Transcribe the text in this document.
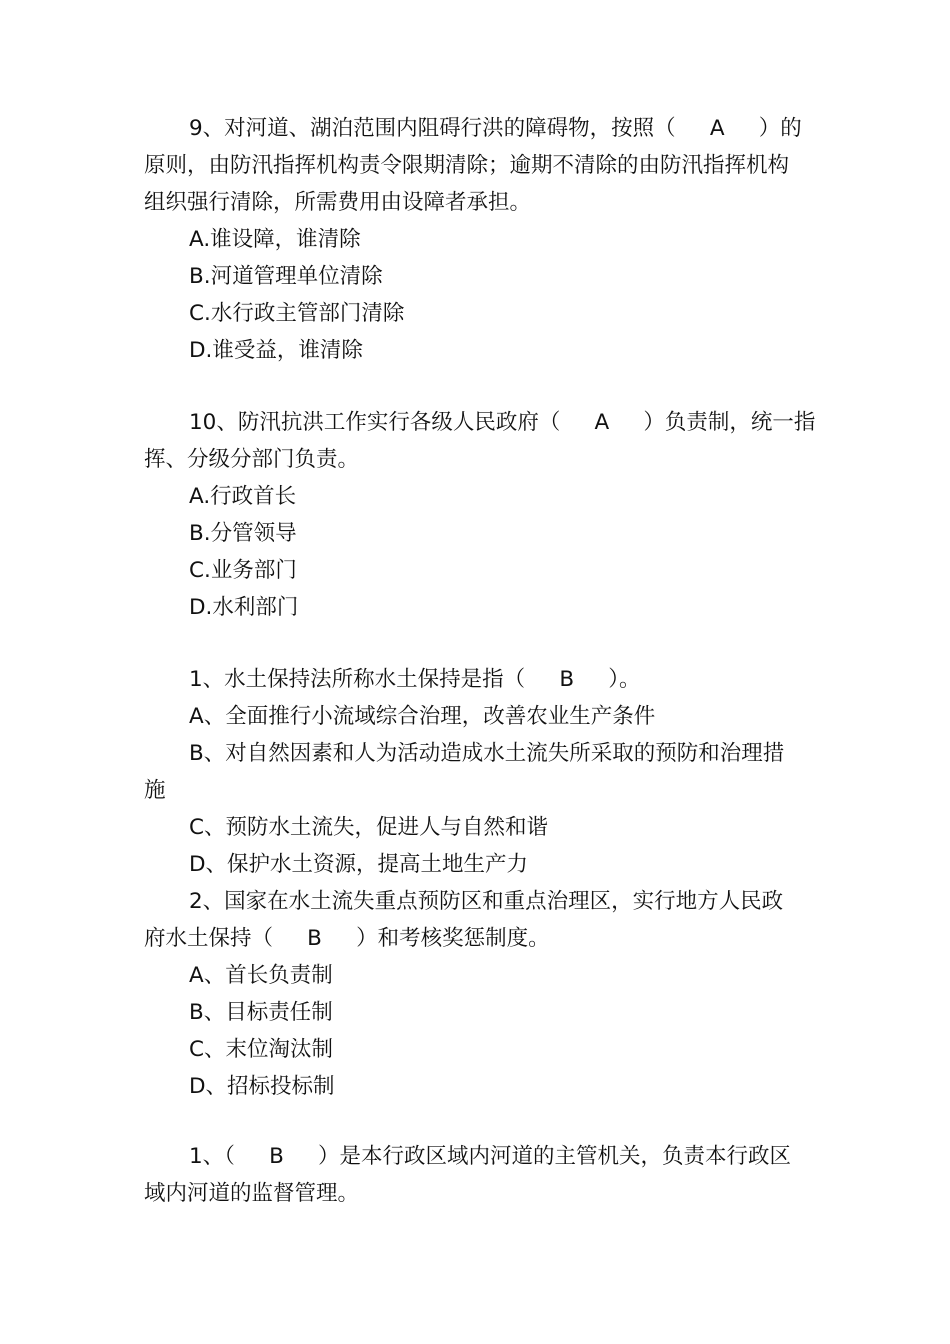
9、对河道、湖泊范围内阻碍行洪的障碍物，按照（     A     ）的

原则，由防汛指挥机构责令限期清除；逾期不清除的由防汛指挥机构

组织强行清除，所需费用由设障者承担。

A.谁设障，谁清除

B.河道管理单位清除

C.水行政主管部门清除

D.谁受益，谁清除

10、防汛抗洪工作实行各级人民政府（     A     ）负责制，统一指

挥、分级分部门负责。

A.行政首长

B.分管领导

C.业务部门

D.水利部门

1、水土保持法所称水土保持是指（     B     ）。

A、全面推行小流域综合治理，改善农业生产条件

B、对自然因素和人为活动造成水土流失所采取的预防和治理措

施

C、预防水土流失，促进人与自然和谐

D、保护水土资源，提高土地生产力

2、国家在水土流失重点预防区和重点治理区，实行地方人民政

府水土保持（     B     ）和考核奖惩制度。

A、首长负责制

B、目标责任制

C、末位淘汰制

D、招标投标制

1、（     B     ）是本行政区域内河道的主管机关，负责本行政区

域内河道的监督管理。
